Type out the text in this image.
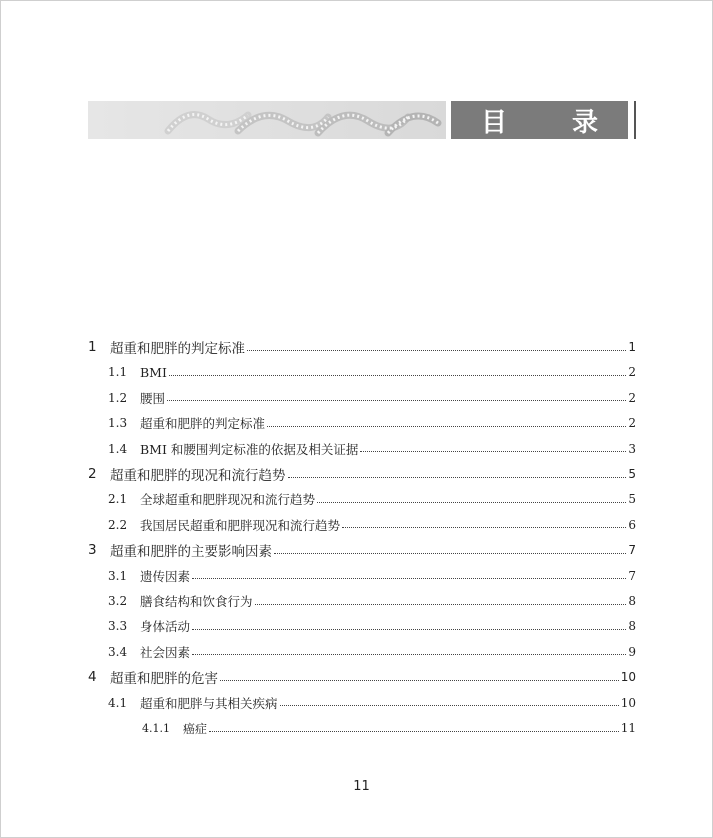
目 录
1 超重和肥胖的判定标准	1
1.1	BMI	2
1.2	腰围	2
1.3	超重和肥胖的判定标准	2
1.4	BMI 和腰围判定标准的依据及相关证据	3
2 超重和肥胖的现况和流行趋势	5
2.1	全球超重和肥胖现况和流行趋势	5
2.2	我国居民超重和肥胖现况和流行趋势	6
3 超重和肥胖的主要影响因素	7
3.1	遗传因素	7
3.2	膳食结构和饮食行为	8
3.3	身体活动	8
3.4	社会因素	9
4 超重和肥胖的危害	10
4.1	超重和肥胖与其相关疾病	10
4.1.1	癌症	11
11
